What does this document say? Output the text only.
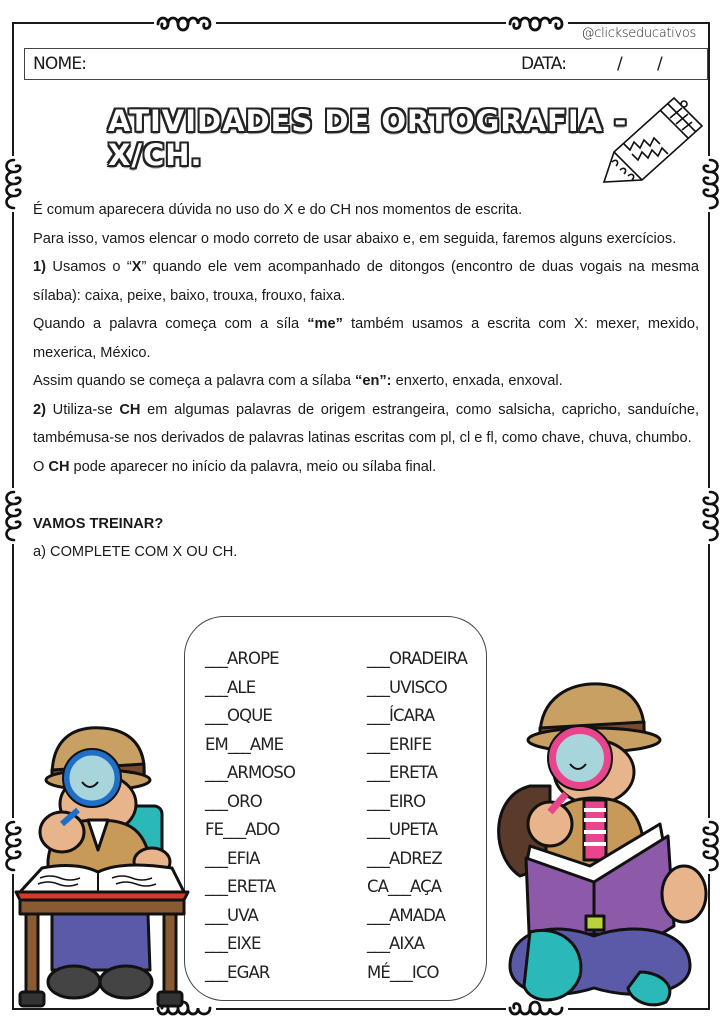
@clickseducativos
NOME:	DATA:	/ /
ATIVIDADES DE ORTOGRAFIA - X/CH.

É comum aparecera dúvida no uso do X e do CH nos momentos de escrita.

Para isso, vamos elencar o modo correto de usar abaixo e, em seguida, faremos alguns exercícios.

1) Usamos o “X” quando ele vem acompanhado de ditongos (encontro de duas vogais na mesma sílaba): caixa, peixe, baixo, trouxa, frouxo, faixa.

Quando a palavra começa com a síla “me” também usamos a escrita com X: mexer, mexido, mexerica, México.

Assim quando se começa a palavra com a sílaba “en”: enxerto, enxada, enxoval.

2) Utiliza-se CH em algumas palavras de origem estrangeira, como salsicha, capricho, sanduíche, tambémusa-se nos derivados de palavras latinas escritas com pl, cl e fl, como chave, chuva, chumbo.

O CH pode aparecer no início da palavra, meio ou sílaba final.

VAMOS TREINAR?

a) COMPLETE COM X OU CH.

___AROPE
___ALE
___OQUE
EM___AME
___ARMOSO
___ORO
FE___ADO
___EFIA
___ERETA
___UVA
___EIXE
___EGAR
___ORADEIRA
___UVISCO
___ÍCARA
___ERIFE
___ERETA
___EIRO
___UPETA
___ADREZ
CA___AÇA
___AMADA
___AIXA
MÉ___ICO
